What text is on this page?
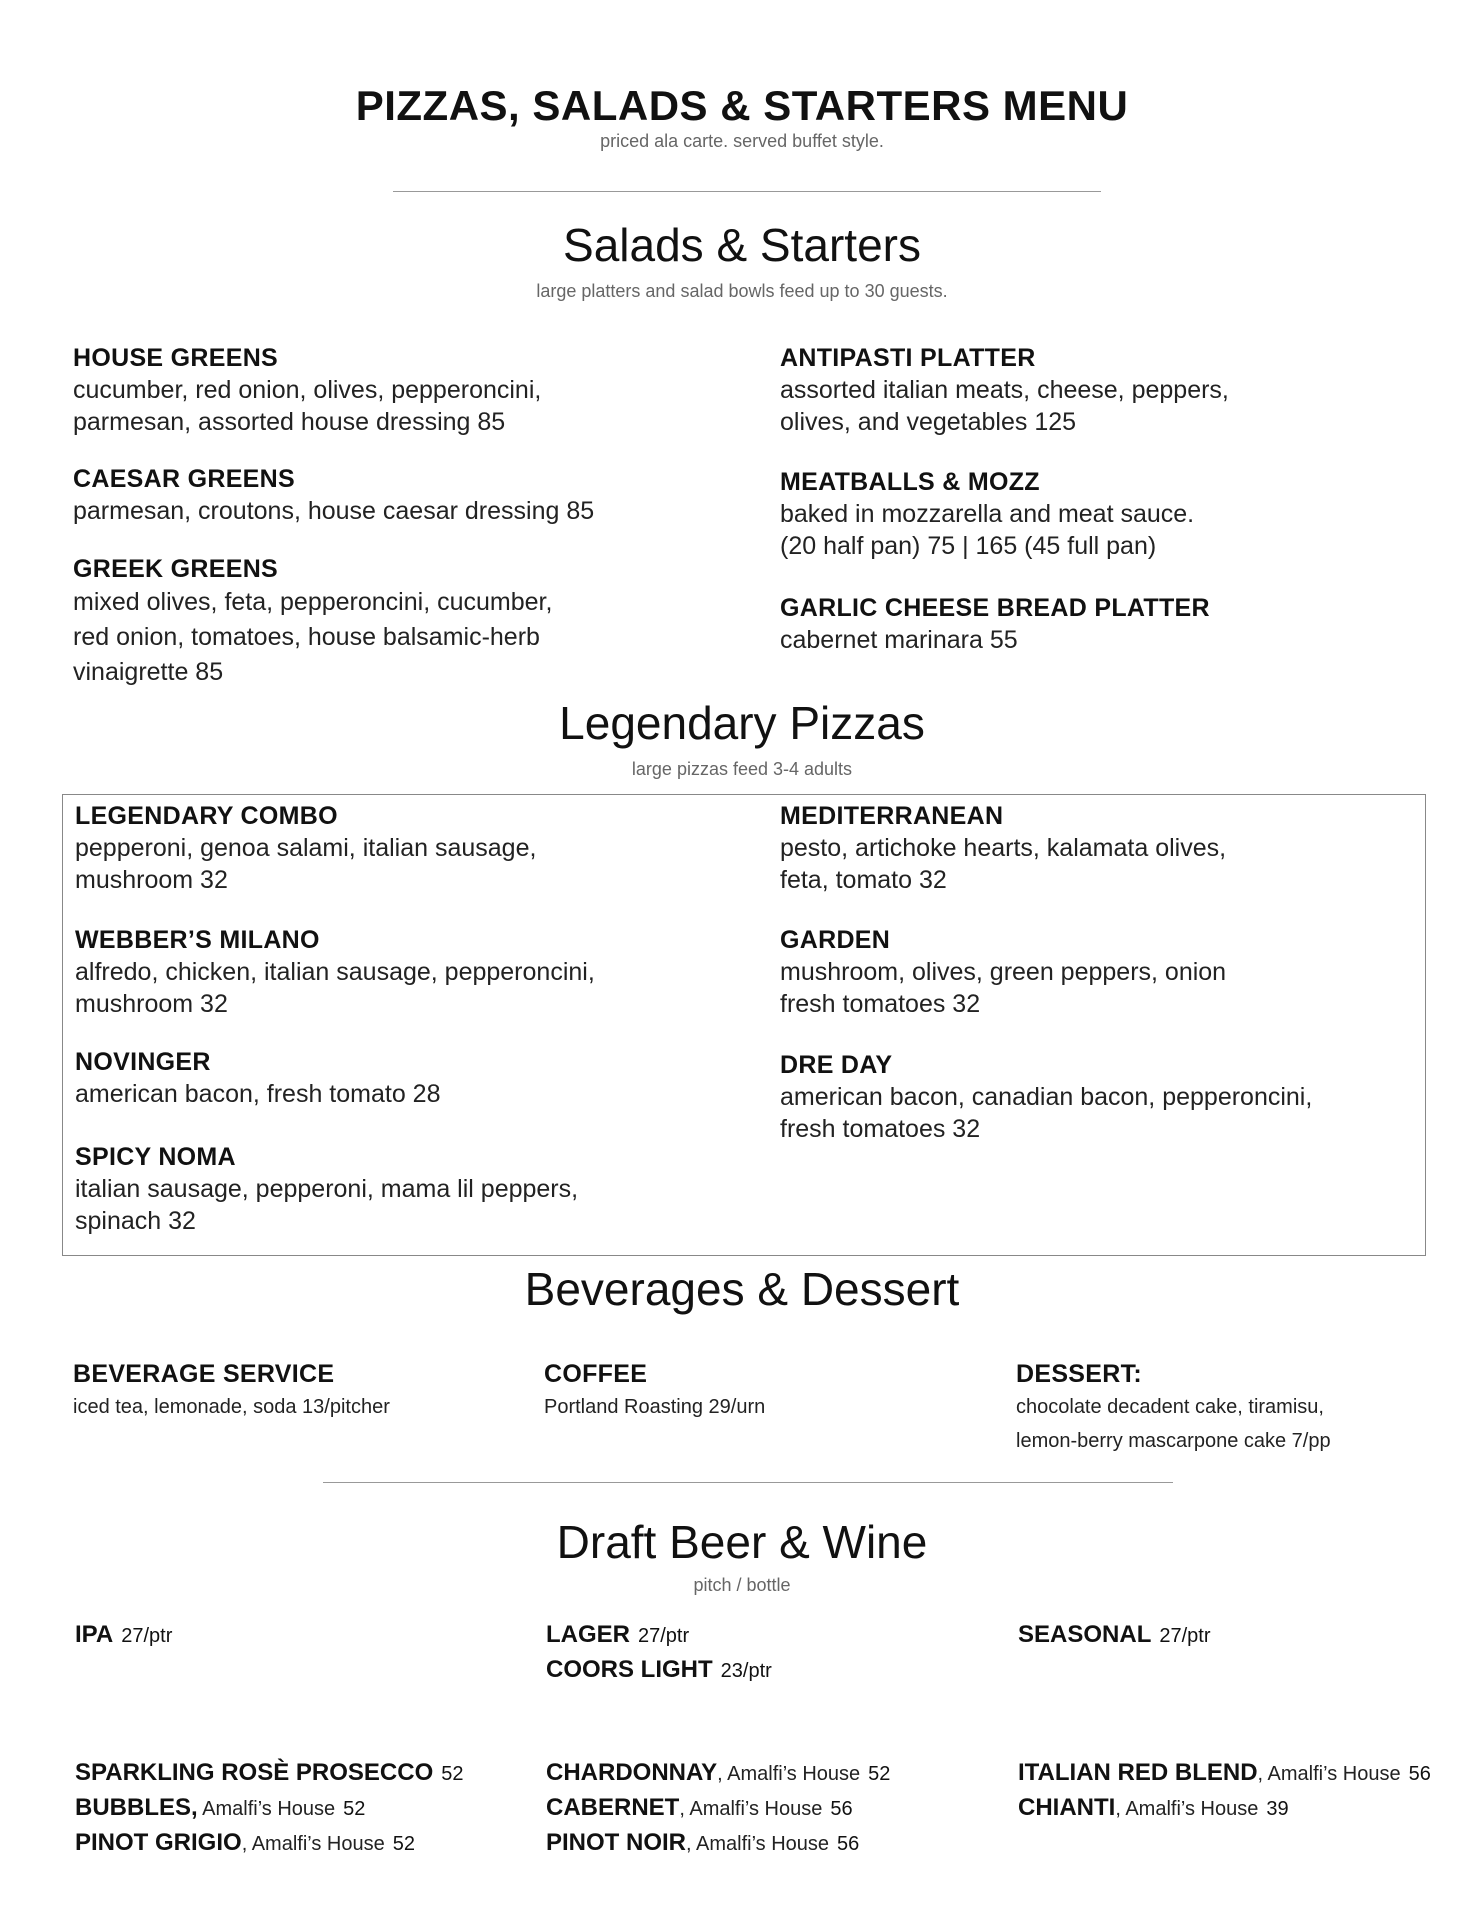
PIZZAS, SALADS & STARTERS MENU
priced ala carte. served buffet style.
Salads & Starters
large platters and salad bowls feed up to 30 guests.
HOUSE GREENS
cucumber, red onion, olives, pepperoncini,
parmesan, assorted house dressing 85
CAESAR GREENS
parmesan, croutons, house caesar dressing 85
GREEK GREENS
mixed olives, feta, pepperoncini, cucumber,
red onion, tomatoes, house balsamic-herb
vinaigrette 85
ANTIPASTI PLATTER
assorted italian meats, cheese, peppers,
olives, and vegetables 125
MEATBALLS & MOZZ
baked in mozzarella and meat sauce.
(20 half pan) 75 | 165 (45 full pan)
GARLIC CHEESE BREAD PLATTER
cabernet marinara 55
Legendary Pizzas
large pizzas feed 3-4 adults
LEGENDARY COMBO
pepperoni, genoa salami, italian sausage,
mushroom 32
WEBBER’S MILANO
alfredo, chicken, italian sausage, pepperoncini,
mushroom 32
NOVINGER
american bacon, fresh tomato 28
SPICY NOMA
italian sausage, pepperoni, mama lil peppers,
spinach 32
MEDITERRANEAN
pesto, artichoke hearts, kalamata olives,
feta, tomato 32
GARDEN
mushroom, olives, green peppers, onion
fresh tomatoes 32
DRE DAY
american bacon, canadian bacon, pepperoncini,
fresh tomatoes 32
Beverages & Dessert
BEVERAGE SERVICE
iced tea, lemonade, soda 13/pitcher
COFFEE
Portland Roasting 29/urn
DESSERT:
chocolate decadent cake, tiramisu,
lemon-berry mascarpone cake 7/pp
Draft Beer & Wine
pitch / bottle
IPA 27/ptr	LAGER 27/ptr
COORS LIGHT 23/ptr
SEASONAL 27/ptr
SPARKLING ROSÈ PROSECCO 52
BUBBLES, Amalfi’s House 52
PINOT GRIGIO, Amalfi’s House 52
CHARDONNAY, Amalfi’s House 52
CABERNET, Amalfi’s House 56
PINOT NOIR, Amalfi’s House 56
ITALIAN RED BLEND, Amalfi’s House 56
CHIANTI, Amalfi’s House 39
